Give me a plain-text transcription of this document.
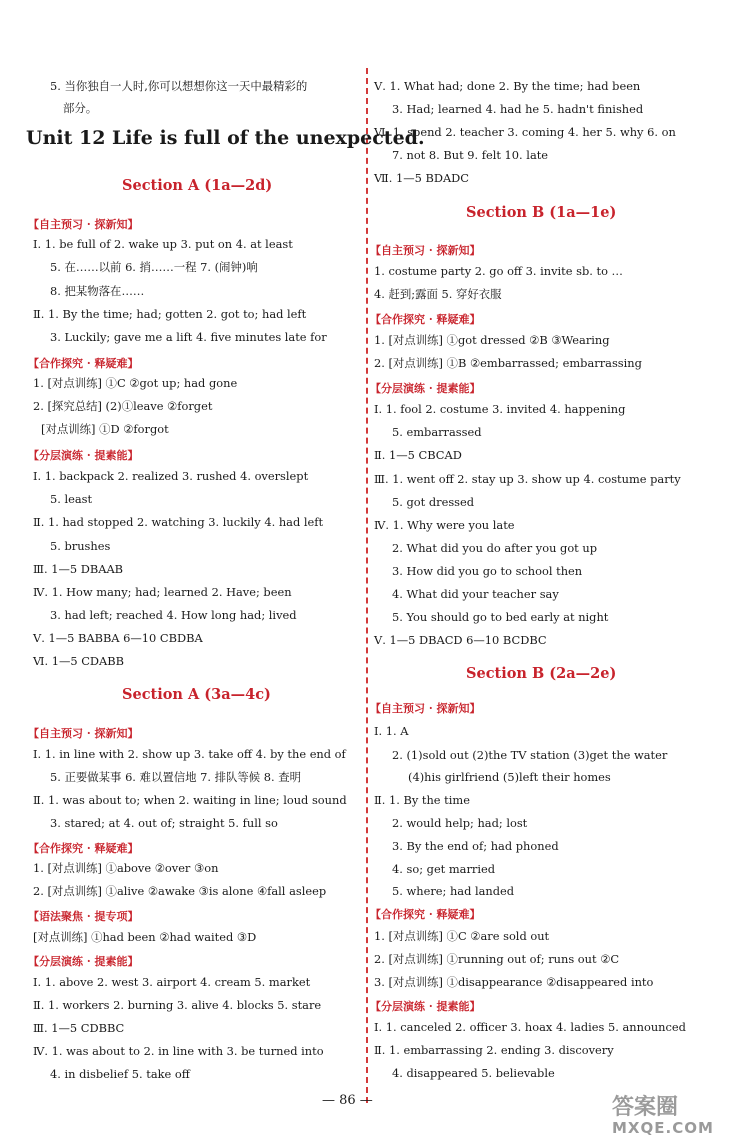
5. 当你独自一人时,你可以想想你这一天中最精彩的
部分。
Section A (1a—2d)
【自主预习 · 探新知】
Ⅰ. 1. be full of 2. wake up 3. put on 4. at least
5. 在……以前 6. 捎……一程 7. (闹钟)响
8. 把某物落在……
Ⅱ. 1. By the time; had; gotten 2. got to; had left
3. Luckily; gave me a lift 4. five minutes late for
【合作探究 · 释疑难】
1. [对点训练] ①C ②got up; had gone
2. [探究总结] (2)①leave ②forget
[对点训练] ①D ②forgot
【分层演练 · 提素能】
Ⅰ. 1. backpack 2. realized 3. rushed 4. overslept
5. least
Ⅱ. 1. had stopped 2. watching 3. luckily 4. had left
5. brushes
Ⅲ. 1—5 DBAAB
Ⅳ. 1. How many; had; learned 2. Have; been
3. had left; reached 4. How long had; lived
Ⅴ. 1—5 BABBA 6—10 CBDBA
Ⅵ. 1—5 CDABB
Section A (3a—4c)
【自主预习 · 探新知】
Ⅰ. 1. in line with 2. show up 3. take off 4. by the end of
5. 正要做某事 6. 难以置信地 7. 排队等候 8. 查明
Ⅱ. 1. was about to; when 2. waiting in line; loud sound
3. stared; at 4. out of; straight 5. full so
【合作探究 · 释疑难】
1. [对点训练] ①above ②over ③on
2. [对点训练] ①alive ②awake ③is alone ④fall asleep
【语法聚焦 · 提专项】
[对点训练] ①had been ②had waited ③D
【分层演练 · 提素能】
Ⅰ. 1. above 2. west 3. airport 4. cream 5. market
Ⅱ. 1. workers 2. burning 3. alive 4. blocks 5. stare
Ⅲ. 1—5 CDBBC
Ⅳ. 1. was about to 2. in line with 3. be turned into
4. in disbelief 5. take off
Ⅴ. 1. What had; done 2. By the time; had been
3. Had; learned 4. had he 5. hadn't finished
Ⅵ. 1. spend 2. teacher 3. coming 4. her 5. why 6. on
7. not 8. But 9. felt 10. late
Ⅶ. 1—5 BDADC
Section B (1a—1e)
【自主预习 · 探新知】
1. costume party 2. go off 3. invite sb. to …
4. 赶到;露面 5. 穿好衣服
【合作探究 · 释疑难】
1. [对点训练] ①got dressed ②B ③Wearing
2. [对点训练] ①B ②embarrassed; embarrassing
【分层演练 · 提素能】
Ⅰ. 1. fool 2. costume 3. invited 4. happening
5. embarrassed
Ⅱ. 1—5 CBCAD
Ⅲ. 1. went off 2. stay up 3. show up 4. costume party
5. got dressed
Ⅳ. 1. Why were you late
2. What did you do after you got up
3. How did you go to school then
4. What did your teacher say
5. You should go to bed early at night
Ⅴ. 1—5 DBACD 6—10 BCDBC
Section B (2a—2e)
【自主预习 · 探新知】
Ⅰ. 1. A
2. (1)sold out (2)the TV station (3)get the water
(4)his girlfriend (5)left their homes
Ⅱ. 1. By the time
2. would help; had; lost
3. By the end of; had phoned
4. so; get married
5. where; had landed
【合作探究 · 释疑难】
1. [对点训练] ①C ②are sold out
2. [对点训练] ①running out of; runs out ②C
3. [对点训练] ①disappearance ②disappeared into
【分层演练 · 提素能】
Ⅰ. 1. canceled 2. officer 3. hoax 4. ladies 5. announced
Ⅱ. 1. embarrassing 2. ending 3. discovery
4. disappeared 5. believable
Unit 12 Life is full of the unexpected.
— 86 —	答案圈
MXQE.COM
